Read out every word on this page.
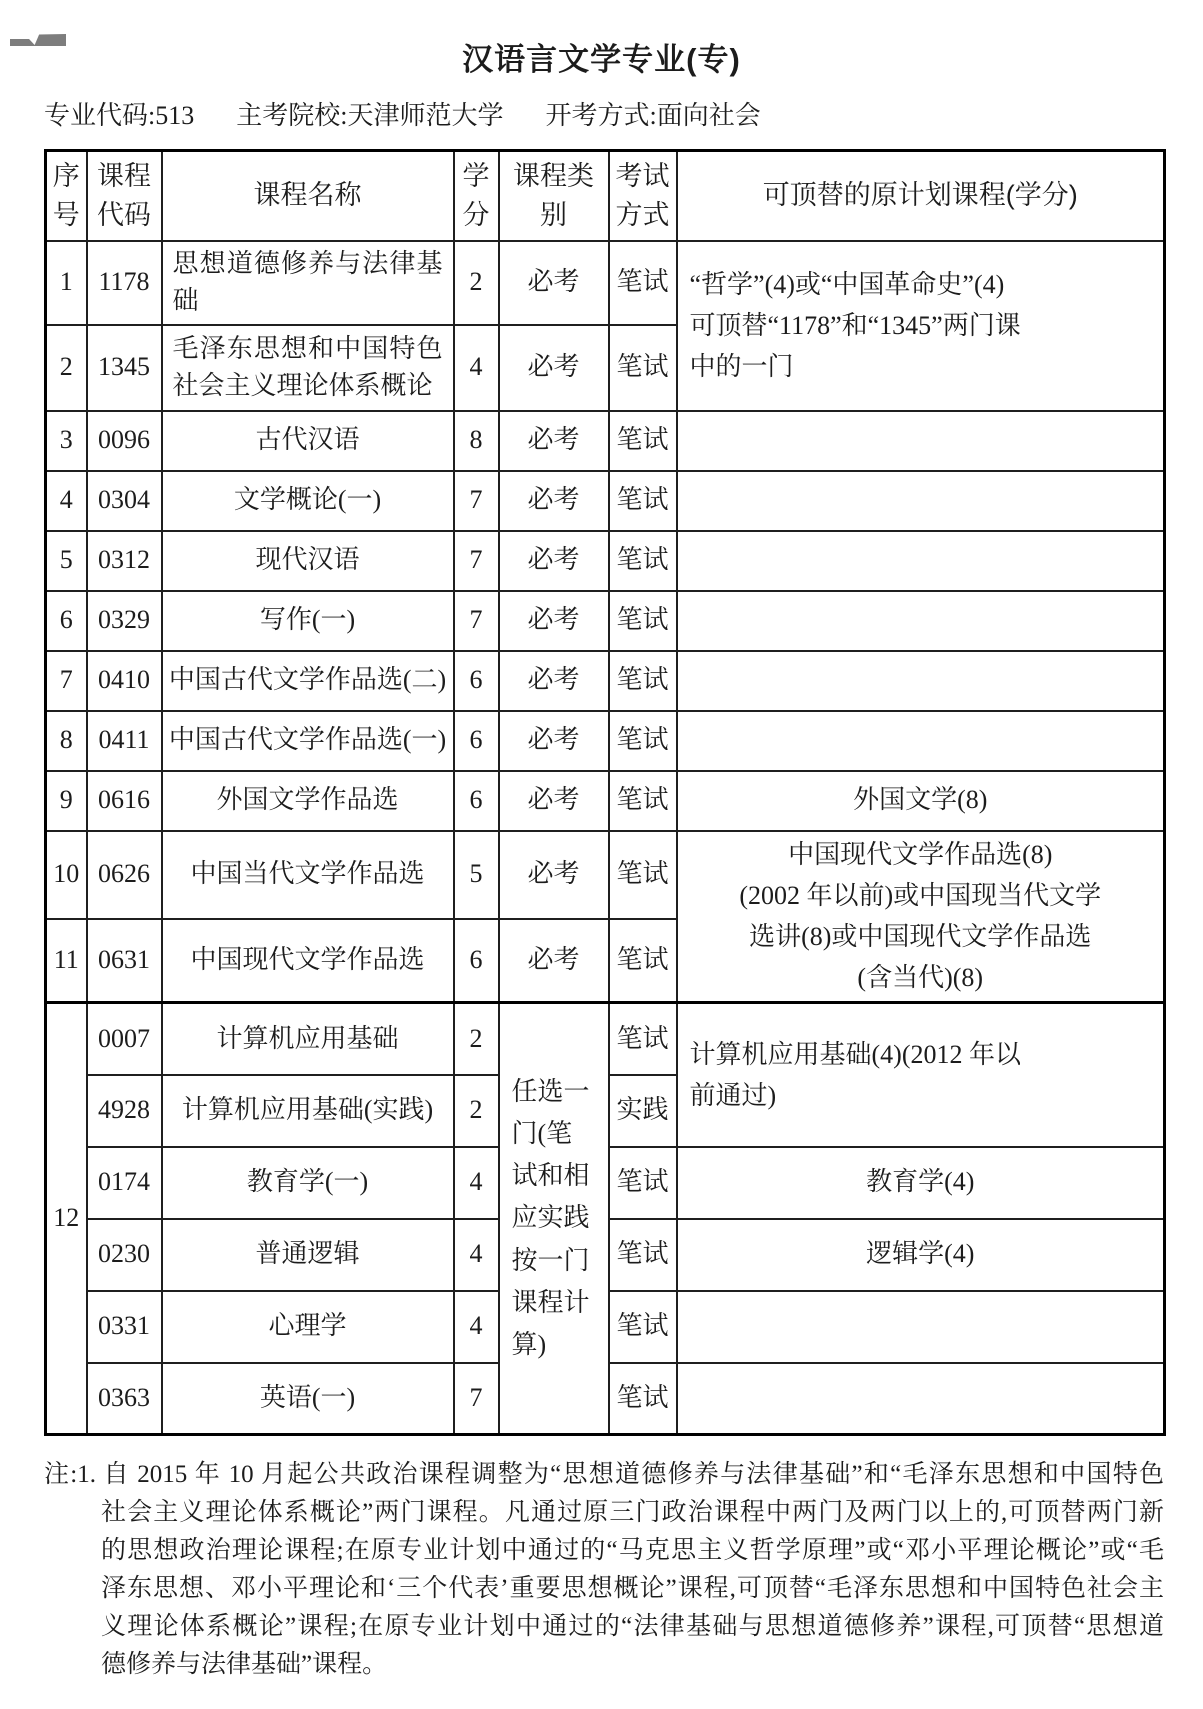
汉语言文学专业(专)
专业代码:513 主考院校:天津师范大学 开考方式:面向社会
序号	课程代码	课程名称	学分	课程类别	考试方式	可顶替的原计划课程(学分)
1	1178	思想道德修养与法律基础	2	必考	笔试	“哲学”(4)或“中国革命史”(4)
可顶替“1178”和“1345”两门课
中的一门

2	1345	毛泽东思想和中国特色社会主义理论体系概论	4	必考	笔试	
3	0096	古代汉语	8	必考	笔试	
4	0304	文学概论(一)	7	必考	笔试	
5	0312	现代汉语	7	必考	笔试	
6	0329	写作(一)	7	必考	笔试	
7	0410	中国古代文学作品选(二)	6	必考	笔试	
8	0411	中国古代文学作品选(一)	6	必考	笔试	
9	0616	外国文学作品选	6	必考	笔试	外国文学(8)
10	0626	中国当代文学作品选	5	必考	笔试	中国现代文学作品选(8)
(2002 年以前)或中国现当代文学
选讲(8)或中国现代文学作品选
(含当代)(8)

11	0631	中国现代文学作品选	6	必考	笔试	
12	0007	计算机应用基础	2	任选一门(笔试和相应实践按一门课程计算)	笔试	计算机应用基础(4)(2012 年以
前通过)

	4928	计算机应用基础(实践)	2		实践	
	0174	教育学(一)	4		笔试	教育学(4)
	0230	普通逻辑	4		笔试	逻辑学(4)
	0331	心理学	4		笔试	
	0363	英语(一)	7		笔试	
注:1. 自 2015 年 10 月起公共政治课程调整为“思想道德修养与法律基础”和“毛泽东思想和中国特色
社会主义理论体系概论”两门课程。凡通过原三门政治课程中两门及两门以上的,可顶替两门新
的思想政治理论课程;在原专业计划中通过的“马克思主义哲学原理”或“邓小平理论概论”或“毛
泽东思想、邓小平理论和‘三个代表’重要思想概论”课程,可顶替“毛泽东思想和中国特色社会主
义理论体系概论”课程;在原专业计划中通过的“法律基础与思想道德修养”课程,可顶替“思想道
德修养与法律基础”课程。
